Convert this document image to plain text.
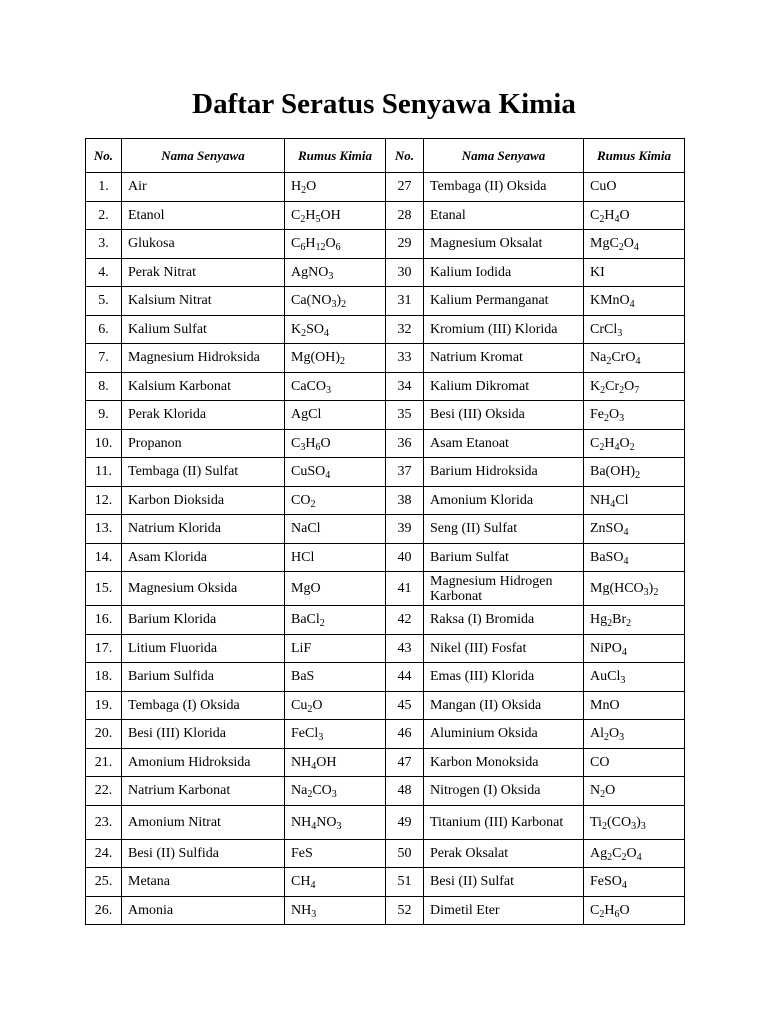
Daftar Seratus Senyawa Kimia
No.	Nama Senyawa	Rumus Kimia	No.	Nama Senyawa	Rumus Kimia
1.	Air	$H_2O$	27	Tembaga (II) Oksida	CuO
2.	Etanol	$C_2H_5OH$	28	Etanal	$C_2H_4O$
3.	Glukosa	$C_6H_{12}O_6$	29	Magnesium Oksalat	$MgC_2O_4$
4.	Perak Nitrat	AgNO$_3$	30	Kalium Iodida	KI
5.	Kalsium Nitrat	$Ca(NO_3)_2$	31	Kalium Permanganat	KMnO$_4$
6.	Kalium Sulfat	$K_2SO_4$	32	Kromium (III) Klorida	CrCl$_3$
7.	Magnesium Hidroksida	$Mg(OH)_2$	33	Natrium Kromat	$Na_2CrO_4$
8.	Kalsium Karbonat	CaCO$_3$	34	Kalium Dikromat	$K_2Cr_2O_7$
9.	Perak Klorida	AgCl	35	Besi (III) Oksida	$Fe_2O_3$
10.	Propanon	$C_3H_6O$	36	Asam Etanoat	$C_2H_4O_2$
11.	Tembaga (II) Sulfat	CuSO$_4$	37	Barium Hidroksida	$Ba(OH)_2$
12.	Karbon Dioksida	$CO_2$	38	Amonium Klorida	$NH_4Cl$
13.	Natrium Klorida	NaCl	39	Seng (II) Sulfat	ZnSO$_4$
14.	Asam Klorida	HCl	40	Barium Sulfat	BaSO$_4$
15.	Magnesium Oksida	MgO	41	Magnesium Hidrogen Karbonat	$Mg(HCO_3)_2$
16.	Barium Klorida	BaCl$_2$	42	Raksa (I) Bromida	$Hg_2Br_2$
17.	Litium Fluorida	LiF	43	Nikel (III) Fosfat	NiPO$_4$
18.	Barium Sulfida	BaS	44	Emas (III) Klorida	AuCl$_3$
19.	Tembaga (I) Oksida	$Cu_2O$	45	Mangan (II) Oksida	MnO
20.	Besi (III) Klorida	FeCl$_3$	46	Aluminium Oksida	$Al_2O_3$
21.	Amonium Hidroksida	$NH_4OH$	47	Karbon Monoksida	CO
22.	Natrium Karbonat	$Na_2CO_3$	48	Nitrogen (I) Oksida	$N_2O$
23.	Amonium Nitrat	$NH_4NO_3$	49	Titanium (III) Karbonat	$Ti_2(CO_3)_3$
24.	Besi (II) Sulfida	FeS	50	Perak Oksalat	$Ag_2C_2O_4$
25.	Metana	$CH_4$	51	Besi (II) Sulfat	FeSO$_4$
26.	Amonia	$NH_3$	52	Dimetil Eter	$C_2H_6O$
